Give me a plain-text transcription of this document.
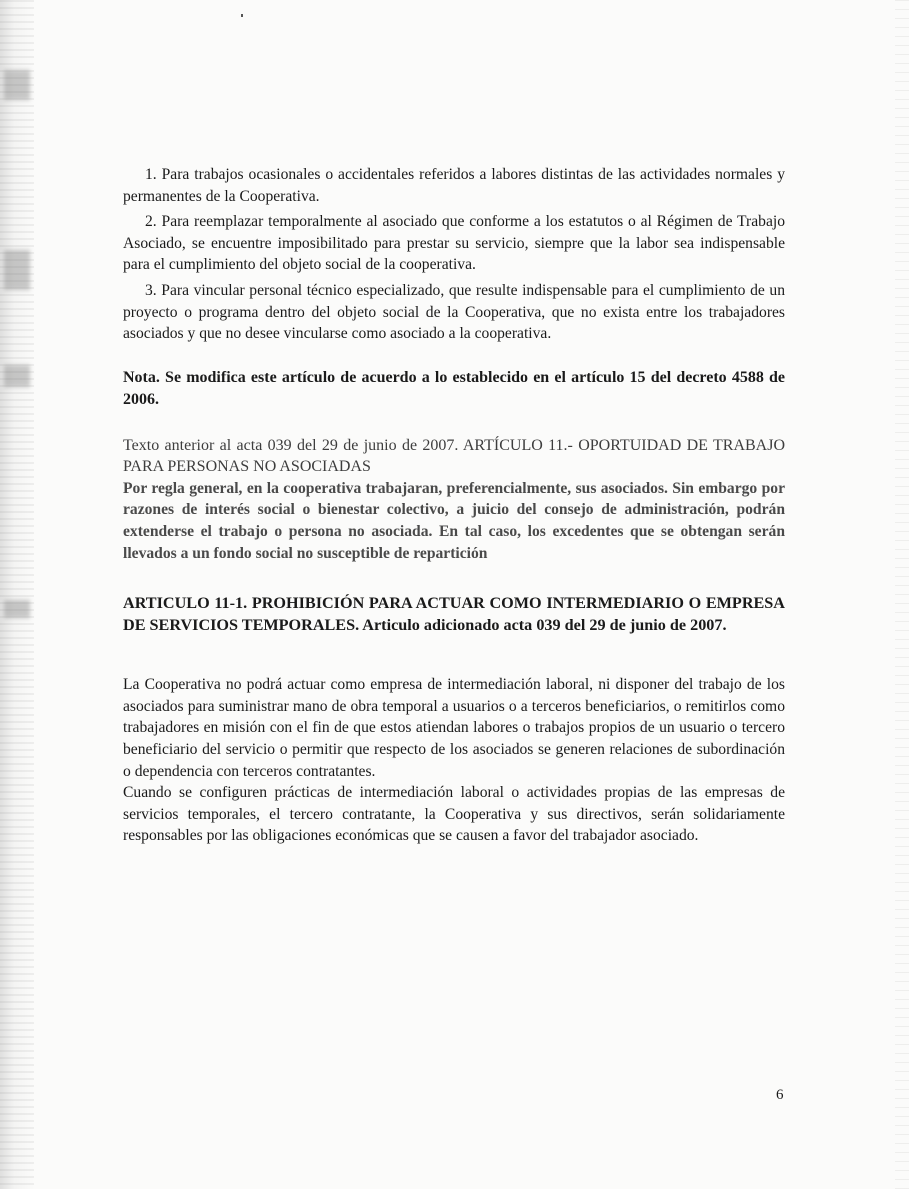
1. Para trabajos ocasionales o accidentales referidos a labores distintas de las actividades normales y permanentes de la Cooperativa.

2. Para reemplazar temporalmente al asociado que conforme a los estatutos o al Régimen de Trabajo Asociado, se encuentre imposibilitado para prestar su servicio, siempre que la labor sea indispensable para el cumplimiento del objeto social de la cooperativa.

3. Para vincular personal técnico especializado, que resulte indispensable para el cumplimiento de un proyecto o programa dentro del objeto social de la Cooperativa, que no exista entre los trabajadores asociados y que no desee vincularse como asociado a la cooperativa.

Nota. Se modifica este artículo de acuerdo a lo establecido en el artículo 15 del decreto 4588 de 2006.

Texto anterior al acta 039 del 29 de junio de 2007. ARTÍCULO 11.- OPORTUIDAD DE TRABAJO PARA PERSONAS NO ASOCIADAS

Por regla general, en la cooperativa trabajaran, preferencialmente, sus asociados. Sin embargo por razones de interés social o bienestar colectivo, a juicio del consejo de administración, podrán extenderse el trabajo o persona no asociada. En tal caso, los excedentes que se obtengan serán llevados a un fondo social no susceptible de repartición

ARTICULO 11-1. PROHIBICIÓN PARA ACTUAR COMO INTERMEDIARIO O EMPRESA DE SERVICIOS TEMPORALES. Articulo adicionado acta 039 del 29 de junio de 2007.

La Cooperativa no podrá actuar como empresa de intermediación laboral, ni disponer del trabajo de los asociados para suministrar mano de obra temporal a usuarios o a terceros beneficiarios, o remitirlos como trabajadores en misión con el fin de que estos atiendan labores o trabajos propios de un usuario o tercero beneficiario del servicio o permitir que respecto de los asociados se generen relaciones de subordinación o dependencia con terceros contratantes.

Cuando se configuren prácticas de intermediación laboral o actividades propias de las empresas de servicios temporales, el tercero contratante, la Cooperativa y sus directivos, serán solidariamente responsables por las obligaciones económicas que se causen a favor del trabajador asociado.

6
